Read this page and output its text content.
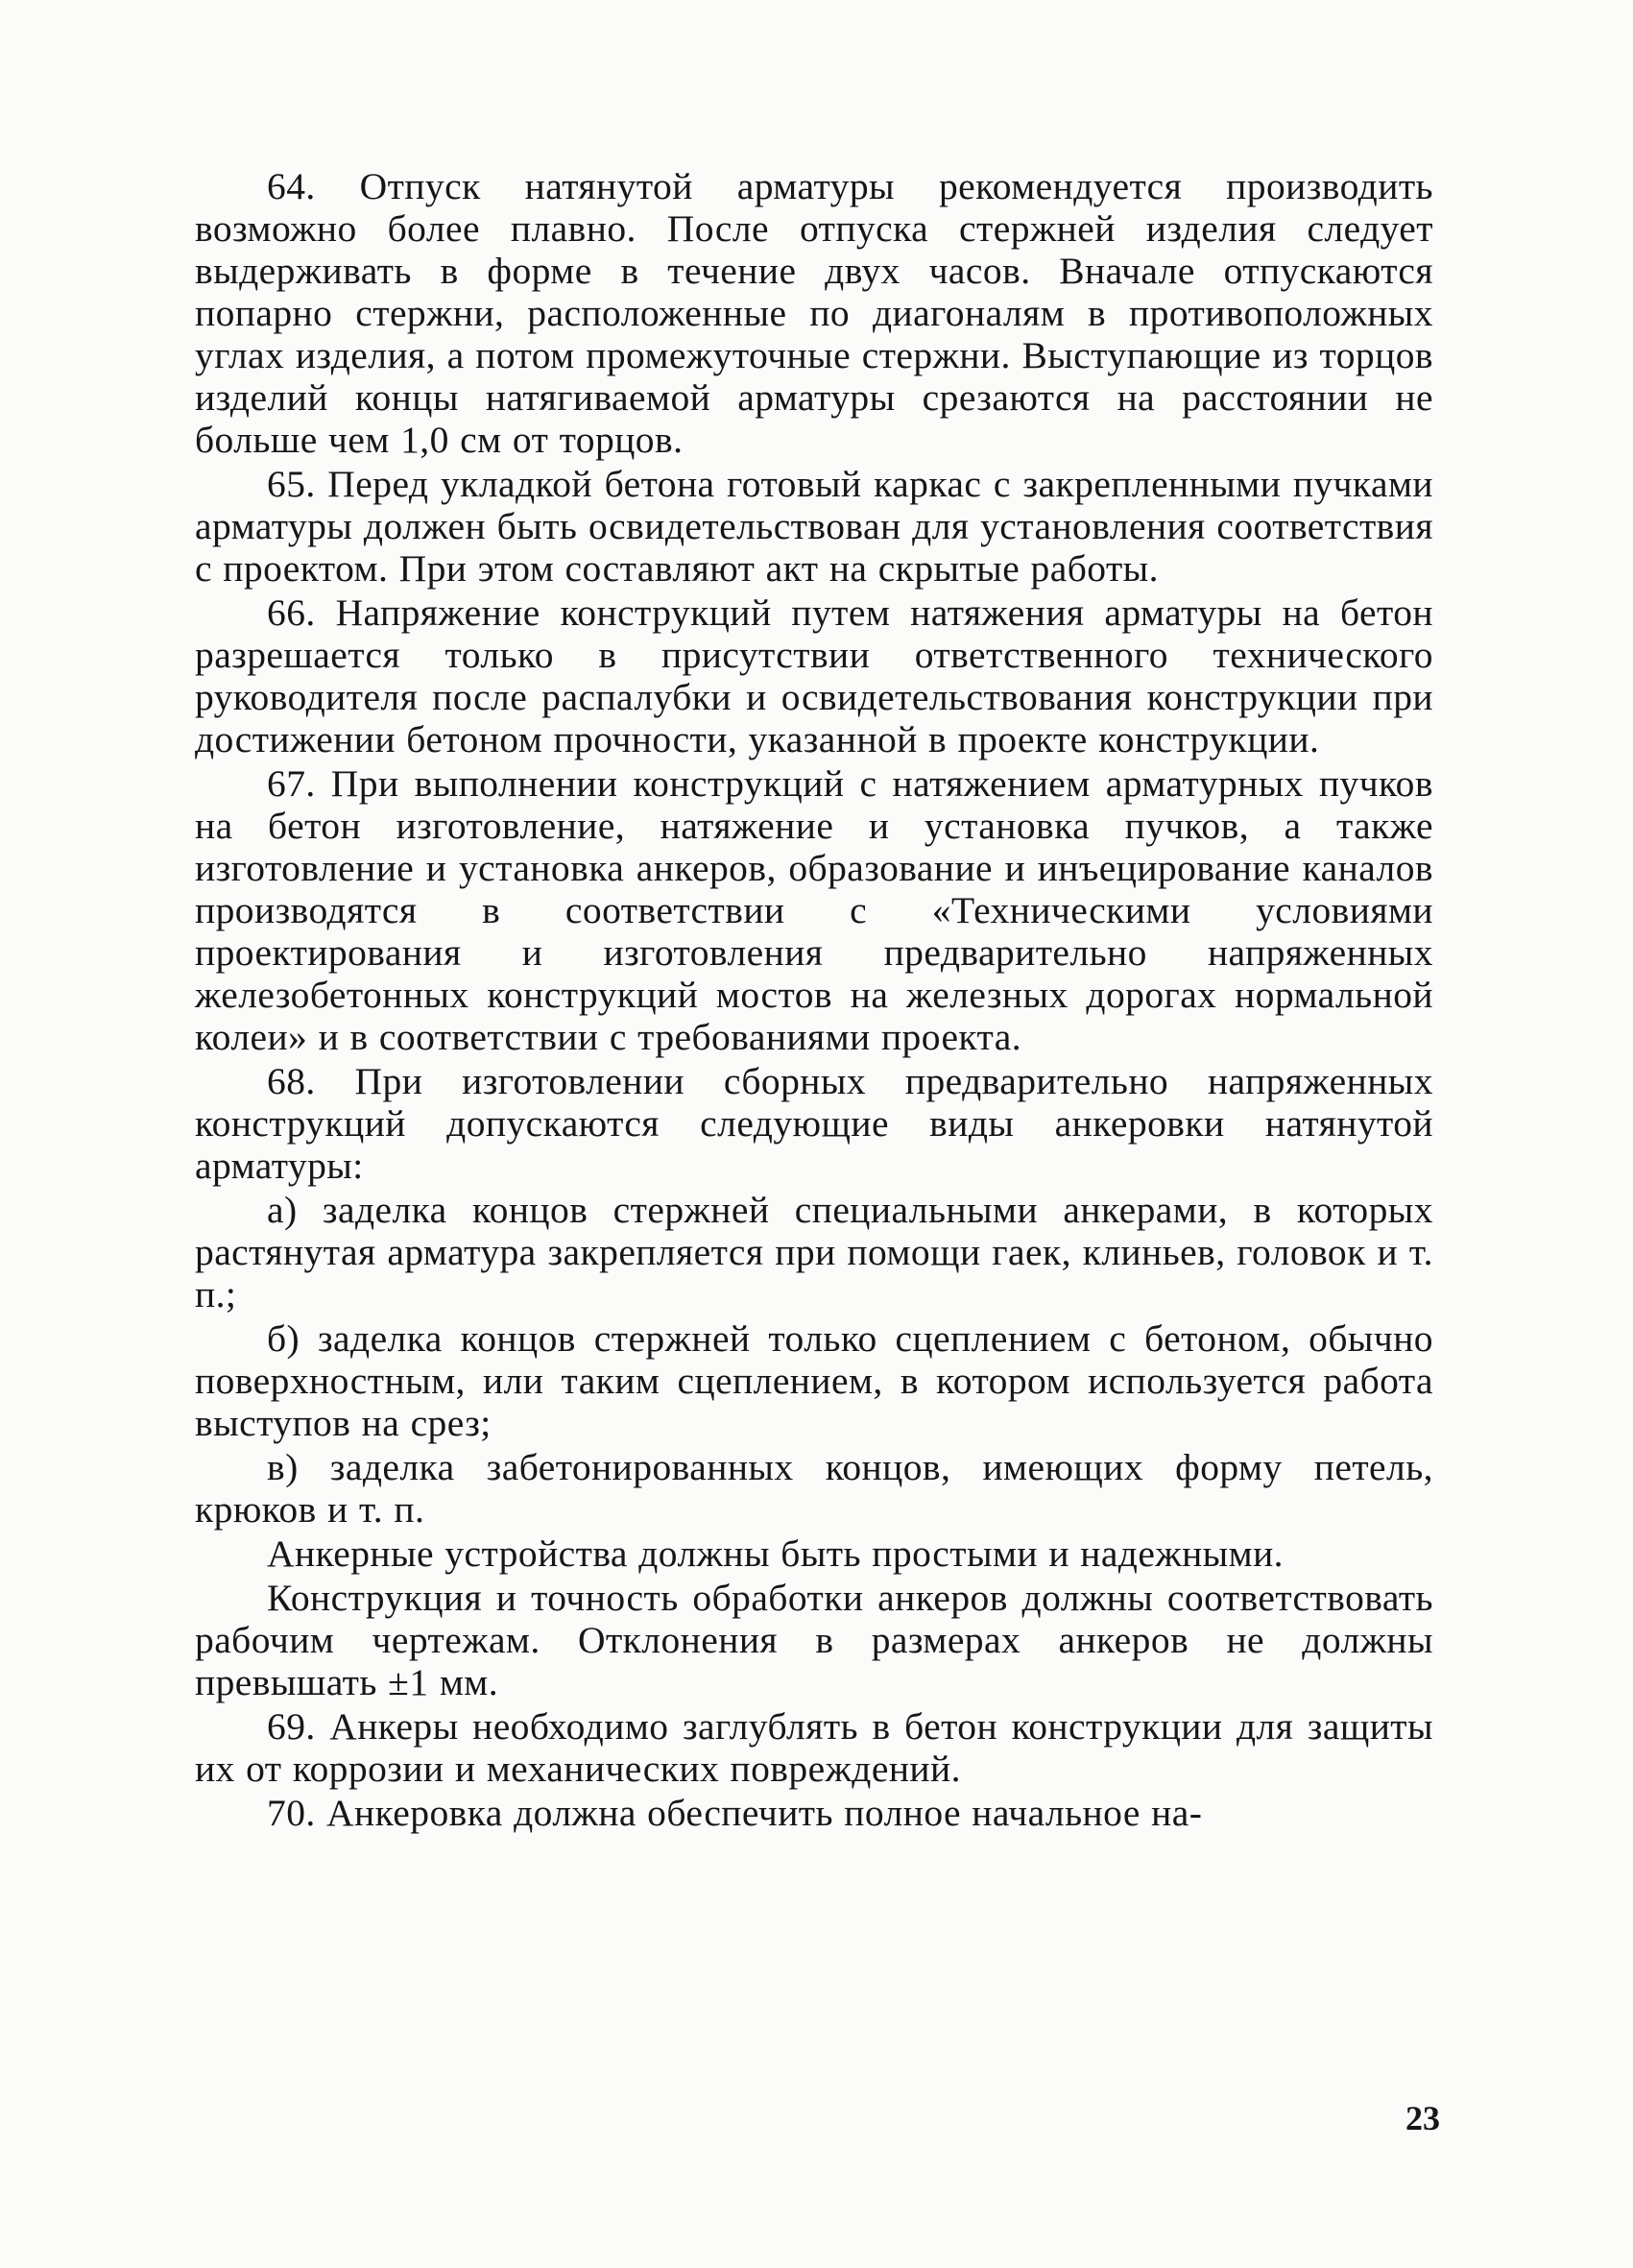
64. Отпуск натянутой арматуры рекомендуется производить возможно более плавно. После отпуска стержней изделия следует выдерживать в форме в течение двух часов. Вначале отпускаются попарно стержни, расположенные по диагоналям в противоположных углах изделия, а потом промежуточные стержни. Выступающие из торцов изделий концы натягиваемой арматуры срезаются на расстоянии не больше чем 1,0 см от торцов.

65. Перед укладкой бетона готовый каркас с закрепленными пучками арматуры должен быть освидетельствован для установления соответствия с проектом. При этом составляют акт на скрытые работы.

66. Напряжение конструкций путем натяжения арматуры на бетон разрешается только в присутствии ответственного технического руководителя после распалубки и освидетельствования конструкции при достижении бетоном прочности, указанной в проекте конструкции.

67. При выполнении конструкций с натяжением арматурных пучков на бетон изготовление, натяжение и установка пучков, а также изготовление и установка анкеров, образование и инъецирование каналов производятся в соответствии с «Техническими условиями проектирования и изготовления предварительно напряженных железобетонных конструкций мостов на железных дорогах нормальной колеи» и в соответствии с требованиями проекта.

68. При изготовлении сборных предварительно напряженных конструкций допускаются следующие виды анкеровки натянутой арматуры:

а) заделка концов стержней специальными анкерами, в которых растянутая арматура закрепляется при помощи гаек, клиньев, головок и т. п.;

б) заделка концов стержней только сцеплением с бетоном, обычно поверхностным, или таким сцеплением, в котором используется работа выступов на срез;

в) заделка забетонированных концов, имеющих форму петель, крюков и т. п.

Анкерные устройства должны быть простыми и надежными.

Конструкция и точность обработки анкеров должны соответствовать рабочим чертежам. Отклонения в размерах анкеров не должны превышать ±1 мм.

69. Анкеры необходимо заглублять в бетон конструкции для защиты их от коррозии и механических повреждений.

70. Анкеровка должна обеспечить полное начальное на-

23
